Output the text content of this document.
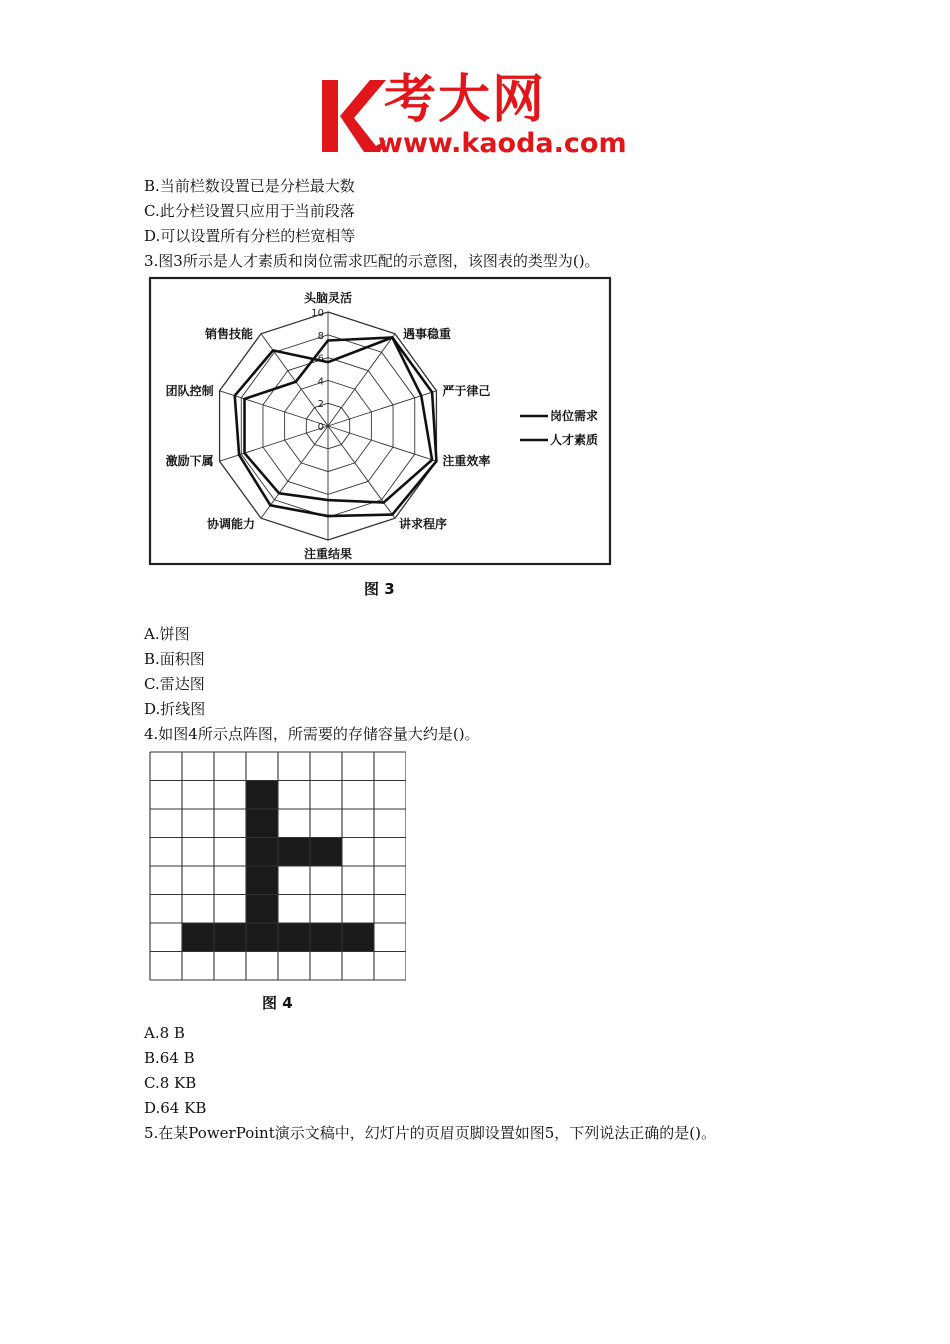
考大网
www.kaoda.com
B.当前栏数设置已是分栏最大数
C.此分栏设置只应用于当前段落
D.可以设置所有分栏的栏宽相等
3.图3所示是人才素质和岗位需求匹配的示意图，该图表的类型为()。
0
2
4
6
8
10
头脑灵活
遇事稳重
严于律己
注重效率
讲求程序
注重结果
协调能力
激励下属
团队控制
销售技能
岗位需求
人才素质
图 3
A.饼图
B.面积图
C.雷达图
D.折线图
4.如图4所示点阵图，所需要的存储容量大约是()。
图 4
A.8 B
B.64 B
C.8 KB
D.64 KB
5.在某PowerPoint演示文稿中，幻灯片的页眉页脚设置如图5，下列说法正确的是()。
